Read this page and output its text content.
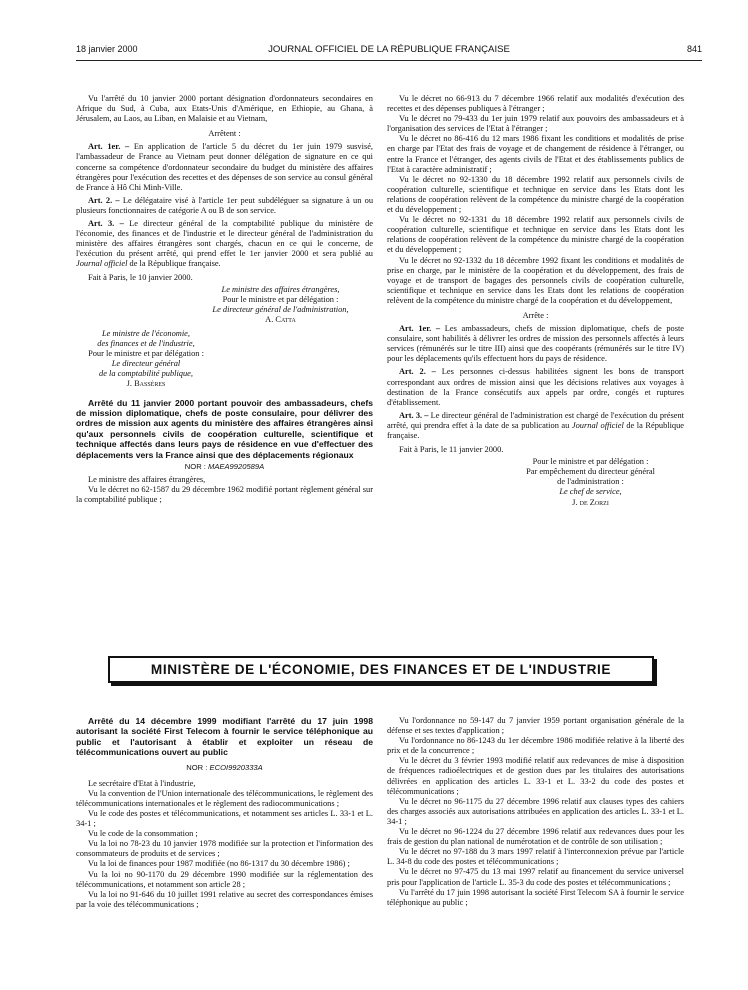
18 janvier 2000	JOURNAL OFFICIEL DE LA RÉPUBLIQUE FRANÇAISE	841

Vu l'arrêté du 10 janvier 2000 portant désignation d'ordonnateurs secondaires en Afrique du Sud, à Cuba, aux Etats-Unis d'Amérique, en Ethiopie, au Ghana, à Jérusalem, au Laos, au Liban, en Malaisie et au Vietnam,

Arrêtent :

Art. 1er. – En application de l'article 5 du décret du 1er juin 1979 susvisé, l'ambassadeur de France au Vietnam peut donner délégation de signature en ce qui concerne sa compétence d'ordonnateur secondaire du budget du ministère des affaires étrangères pour l'exécution des recettes et des dépenses de son service au consul général de France à Hô Chi Minh-Ville.

Art. 2. – Le délégataire visé à l'article 1er peut subdéléguer sa signature à un ou plusieurs fonctionnaires de catégorie A ou B de son service.

Art. 3. – Le directeur général de la comptabilité publique du ministère de l'économie, des finances et de l'industrie et le directeur général de l'administration du ministère des affaires étrangères sont chargés, chacun en ce qui le concerne, de l'exécution du présent arrêté, qui prend effet le 1er janvier 2000 et sera publié au Journal officiel de la République française.

Fait à Paris, le 10 janvier 2000.

Le ministre des affaires étrangères,
Pour le ministre et par délégation :
Le directeur général de l'administration,
A. Catta
Le ministre de l'économie,
des finances et de l'industrie,
Pour le ministre et par délégation :
Le directeur général
de la comptabilité publique,
J. Bassères

Arrêté du 11 janvier 2000 portant pouvoir des ambassadeurs, chefs de mission diplomatique, chefs de poste consulaire, pour délivrer des ordres de mission aux agents du ministère des affaires étrangères ainsi qu'aux personnels civils de coopération culturelle, scientifique et technique affectés dans leurs pays de résidence en vue d'effectuer des déplacements vers la France ainsi que des déplacements régionaux

NOR : MAEA9920589A

Le ministre des affaires étrangères,

Vu le décret no 62-1587 du 29 décembre 1962 modifié portant règlement général sur la comptabilité publique ;

Vu le décret no 66-913 du 7 décembre 1966 relatif aux modalités d'exécution des recettes et des dépenses publiques à l'étranger ;

Vu le décret no 79-433 du 1er juin 1979 relatif aux pouvoirs des ambassadeurs et à l'organisation des services de l'Etat à l'étranger ;

Vu le décret no 86-416 du 12 mars 1986 fixant les conditions et modalités de prise en charge par l'Etat des frais de voyage et de changement de résidence à l'étranger, ou entre la France et l'étranger, des agents civils de l'Etat et des établissements publics de l'Etat à caractère administratif ;

Vu le décret no 92-1330 du 18 décembre 1992 relatif aux personnels civils de coopération culturelle, scientifique et technique en service dans les Etats dont les relations de coopération relèvent de la compétence du ministre chargé de la coopération et du développement ;

Vu le décret no 92-1331 du 18 décembre 1992 relatif aux personnels civils de coopération culturelle, scientifique et technique en service dans les Etats dont les relations de coopération relèvent de la compétence du ministre chargé de la coopération et du développement ;

Vu le décret no 92-1332 du 18 décembre 1992 fixant les conditions et modalités de prise en charge, par le ministère de la coopération et du développement, des frais de voyage et de transport de bagages des personnels civils de coopération culturelle, scientifique et technique en service dans les Etats dont les relations de coopération relèvent de la compétence du ministre chargé de la coopération et du développement,

Arrête :

Art. 1er. – Les ambassadeurs, chefs de mission diplomatique, chefs de poste consulaire, sont habilités à délivrer les ordres de mission des personnels affectés à leurs services (rémunérés sur le titre III) ainsi que des coopérants (rémunérés sur le titre IV) pour les déplacements qu'ils effectuent hors du pays de résidence.

Art. 2. – Les personnes ci-dessus habilitées signent les bons de transport correspondant aux ordres de mission ainsi que les décisions relatives aux voyages à destination de la France consécutifs aux appels par ordre, congés et ruptures d'établissement.

Art. 3. – Le directeur général de l'administration est chargé de l'exécution du présent arrêté, qui prendra effet à la date de sa publication au Journal officiel de la République française.

Fait à Paris, le 11 janvier 2000.

Pour le ministre et par délégation :
Par empêchement du directeur général
de l'administration :
Le chef de service,
J. de Zorzi
MINISTÈRE DE L'ÉCONOMIE, DES FINANCES ET DE L'INDUSTRIE

Arrêté du 14 décembre 1999 modifiant l'arrêté du 17 juin 1998 autorisant la société First Telecom à fournir le service téléphonique au public et l'autorisant à établir et exploiter un réseau de télécommunications ouvert au public

NOR : ECOI9920333A

Le secrétaire d'Etat à l'industrie,

Vu la convention de l'Union internationale des télécommunications, le règlement des télécommunications internationales et le règlement des radiocommunications ;

Vu le code des postes et télécommunications, et notamment ses articles L. 33-1 et L. 34-1 ;

Vu le code de la consommation ;

Vu la loi no 78-23 du 10 janvier 1978 modifiée sur la protection et l'information des consommateurs de produits et de services ;

Vu la loi de finances pour 1987 modifiée (no 86-1317 du 30 décembre 1986) ;

Vu la loi no 90-1170 du 29 décembre 1990 modifiée sur la réglementation des télécommunications, et notamment son article 28 ;

Vu la loi no 91-646 du 10 juillet 1991 relative au secret des correspondances émises par la voie des télécommunications ;

Vu l'ordonnance no 59-147 du 7 janvier 1959 portant organisation générale de la défense et ses textes d'application ;

Vu l'ordonnance no 86-1243 du 1er décembre 1986 modifiée relative à la liberté des prix et de la concurrence ;

Vu le décret du 3 février 1993 modifié relatif aux redevances de mise à disposition de fréquences radioélectriques et de gestion dues par les titulaires des autorisations délivrées en application des articles L. 33-1 et L. 33-2 du code des postes et télécommunications ;

Vu le décret no 96-1175 du 27 décembre 1996 relatif aux clauses types des cahiers des charges associés aux autorisations attribuées en application des articles L. 33-1 et L. 34-1 ;

Vu le décret no 96-1224 du 27 décembre 1996 relatif aux redevances dues pour les frais de gestion du plan national de numérotation et de contrôle de son utilisation ;

Vu le décret no 97-188 du 3 mars 1997 relatif à l'interconnexion prévue par l'article L. 34-8 du code des postes et télécommunications ;

Vu le décret no 97-475 du 13 mai 1997 relatif au financement du service universel pris pour l'application de l'article L. 35-3 du code des postes et télécommunications ;

Vu l'arrêté du 17 juin 1998 autorisant la société First Telecom SA à fournir le service téléphonique au public ;
